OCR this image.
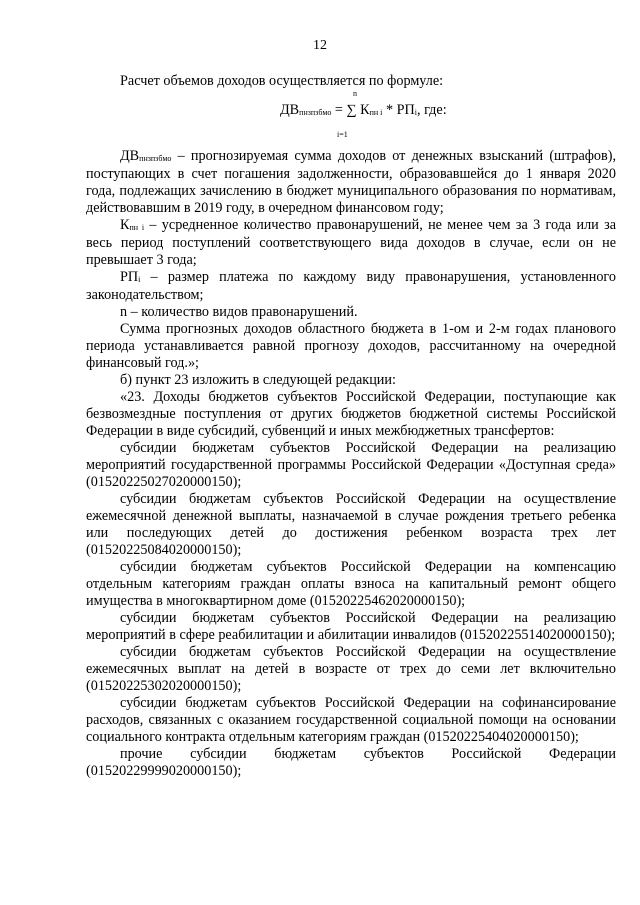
12

Расчет объемов доходов осуществляется по формуле:

n
$ДВ_{пнзпзбмо}$ = ∑ $К_{пн i} * РП_i$, где:
i=1

$ДВ_{пнзпзбмо}$ – прогнозируемая сумма доходов от денежных взысканий (штрафов), поступающих в счет погашения задолженности, образовавшейся до 1 января 2020 года, подлежащих зачислению в бюджет муниципального образования по нормативам, действовавшим в 2019 году, в очередном финансовом году;

$К_{пн i}$ – усредненное количество правонарушений, не менее чем за 3 года или за весь период поступлений соответствующего вида доходов в случае, если он не превышает 3 года;

$РП_i$ – размер платежа по каждому виду правонарушения, установленного законодательством;

n – количество видов правонарушений.

Сумма прогнозных доходов областного бюджета в 1-ом и 2-м годах планового периода устанавливается равной прогнозу доходов, рассчитанному на очередной финансовый год.»;

б) пункт 23 изложить в следующей редакции:

«23. Доходы бюджетов субъектов Российской Федерации, поступающие как безвозмездные поступления от других бюджетов бюджетной системы Российской Федерации в виде субсидий, субвенций и иных межбюджетных трансфертов:

субсидии бюджетам субъектов Российской Федерации на реализацию мероприятий государственной программы Российской Федерации «Доступная среда» (01520225027020000150);

субсидии бюджетам субъектов Российской Федерации на осуществление ежемесячной денежной выплаты, назначаемой в случае рождения третьего ребенка или последующих детей до достижения ребенком возраста трех лет (01520225084020000150);

субсидии бюджетам субъектов Российской Федерации на компенсацию отдельным категориям граждан оплаты взноса на капитальный ремонт общего имущества в многоквартирном доме (01520225462020000150);

субсидии бюджетам субъектов Российской Федерации на реализацию мероприятий в сфере реабилитации и абилитации инвалидов (01520225514020000150);

субсидии бюджетам субъектов Российской Федерации на осуществление ежемесячных выплат на детей в возрасте от трех до семи лет включительно (01520225302020000150);

субсидии бюджетам субъектов Российской Федерации на софинансирование расходов, связанных с оказанием государственной социальной помощи на основании социального контракта отдельным категориям граждан (01520225404020000150);

прочие субсидии бюджетам субъектов Российской Федерации (01520229999020000150);
